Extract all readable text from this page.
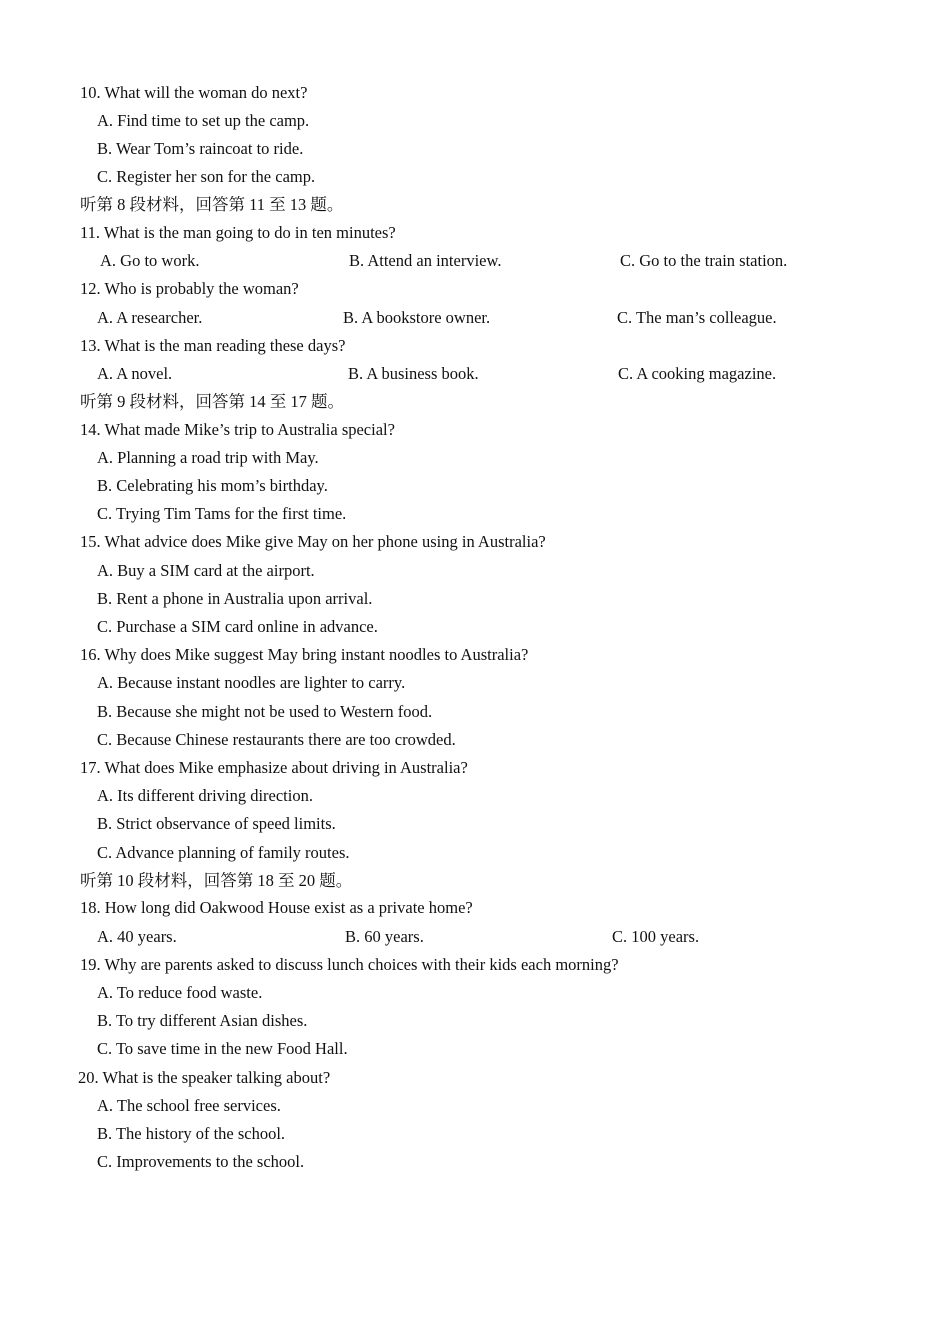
10. What will the woman do next?
A. Find time to set up the camp.
B. Wear Tom’s raincoat to ride.
C. Register her son for the camp.
听第 8 段材料，回答第 11 至 13 题。
11. What is the man going to do in ten minutes?
A. Go to work.	B. Attend an interview.	C. Go to the train station.
12. Who is probably the woman?
A. A researcher.	B. A bookstore owner.	C. The man’s colleague.
13. What is the man reading these days?
A. A novel.	B. A business book.	C. A cooking magazine.
听第 9 段材料，回答第 14 至 17 题。
14. What made Mike’s trip to Australia special?
A. Planning a road trip with May.
B. Celebrating his mom’s birthday.
C. Trying Tim Tams for the first time.
15. What advice does Mike give May on her phone using in Australia?
A. Buy a SIM card at the airport.
B. Rent a phone in Australia upon arrival.
C. Purchase a SIM card online in advance.
16. Why does Mike suggest May bring instant noodles to Australia?
A. Because instant noodles are lighter to carry.
B. Because she might not be used to Western food.
C. Because Chinese restaurants there are too crowded.
17. What does Mike emphasize about driving in Australia?
A. Its different driving direction.
B. Strict observance of speed limits.
C. Advance planning of family routes.
听第 10 段材料，回答第 18 至 20 题。
18. How long did Oakwood House exist as a private home?
A. 40 years.	B. 60 years.	C. 100 years.
19. Why are parents asked to discuss lunch choices with their kids each morning?
A. To reduce food waste.
B. To try different Asian dishes.
C. To save time in the new Food Hall.
20. What is the speaker talking about?
A. The school free services.
B. The history of the school.
C. Improvements to the school.
